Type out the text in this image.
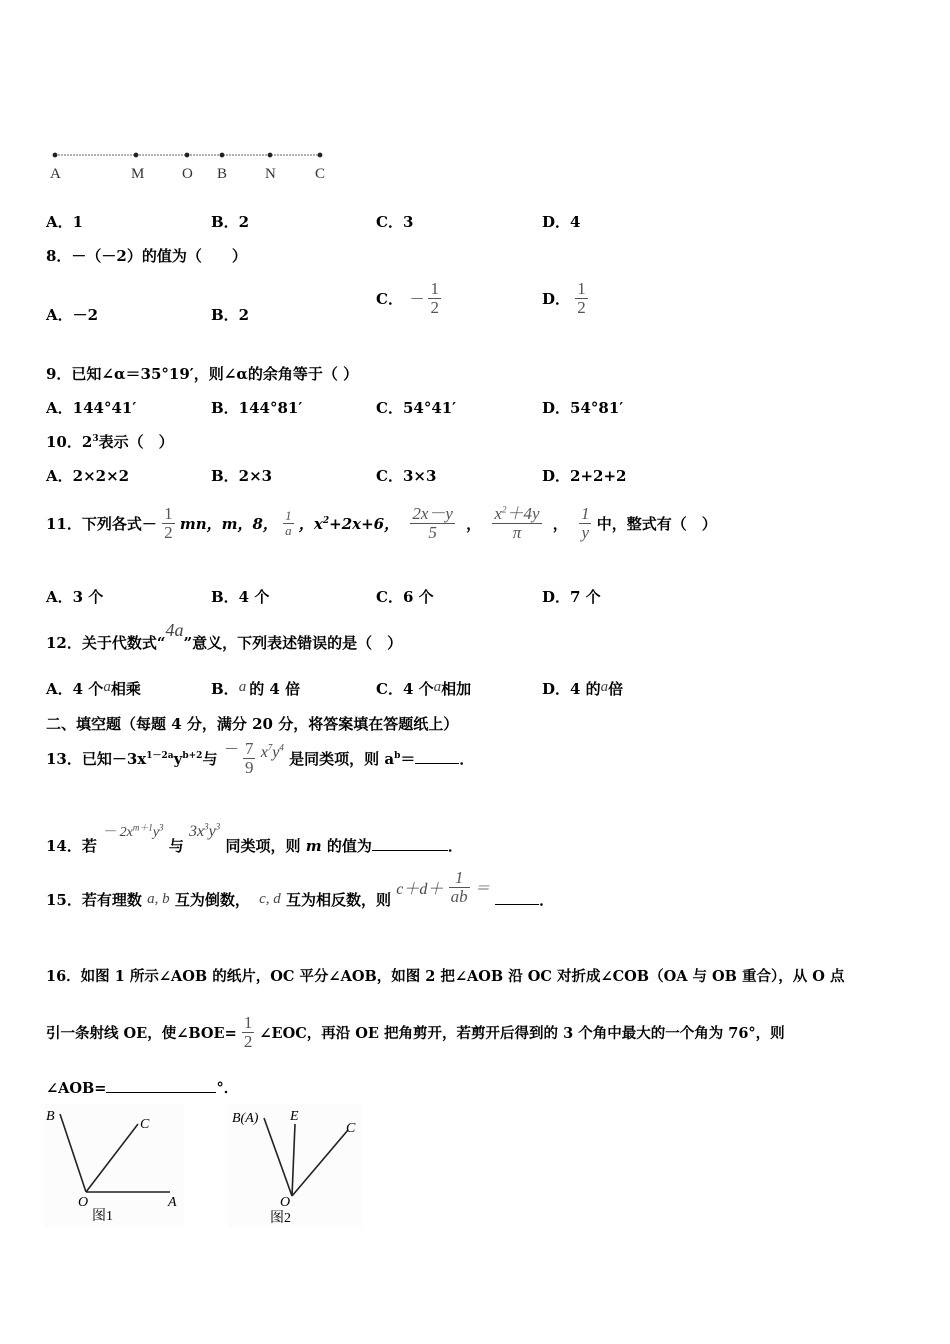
A	M	O B	N	C
A．1	B．2	C．3	D．4
8．－（－2）的值为（　　）
A．－2	B．2
C． － $\frac{1}{2}$	D． $\frac{1}{2}$
9．已知∠α＝35°19′，则∠α的余角等于（ ）
A．144°41′	B．144°81′	C．54°41′	D．54°81′
10．$2^3$表示（　）
A．2×2×2	B．2×3	C．3×3	D．2+2+2
11．下列各式－ $\frac{1}{2}$ mn，m，8， $\frac{1}{a}$ ，$x^2+2x+6$， $\frac{2x-y}{5}$ ， $\frac{x^2+4y}{\pi}$ ， $\frac{1}{y}$ 中，整式有（　）
A．3 个	B．4 个	C．6 个	D．7 个
12．关于代数式“4a”意义，下列表述错误的是（　）
A．4 个a相乘	B．a 的 4 倍	C．4 个a相加	D．4 的a倍
二、填空题（每题 4 分，满分 20 分，将答案填在答题纸上）
13．已知$-3x^{1-2a}y^{b+2}$与 － $\frac{7}{9} x^7y^4$ 是同类项，则 $a^b=$	．
14．若 － $2x^{m+1}y^3$ 与 $3x^3y^3$ 同类项，则 m 的值为	．
15．若有理数 a, b 互为倒数， c, d 互为相反数，则 $c+d+ \frac{1}{ab}$ ＝ ．
16．如图 1 所示∠AOB 的纸片，OC 平分∠AOB，如图 2 把∠AOB 沿 OC 对折成∠COB（OA 与 OB 重合），从 O 点
引一条射线 OE，使∠BOE= $\frac{1}{2}$ ∠EOC，再沿 OE 把角剪开，若剪开后得到的 3 个角中最大的一个角为 76°，则
∠AOB=	°．
B
C
O	A
图1
B(A) E
C
O
图2
